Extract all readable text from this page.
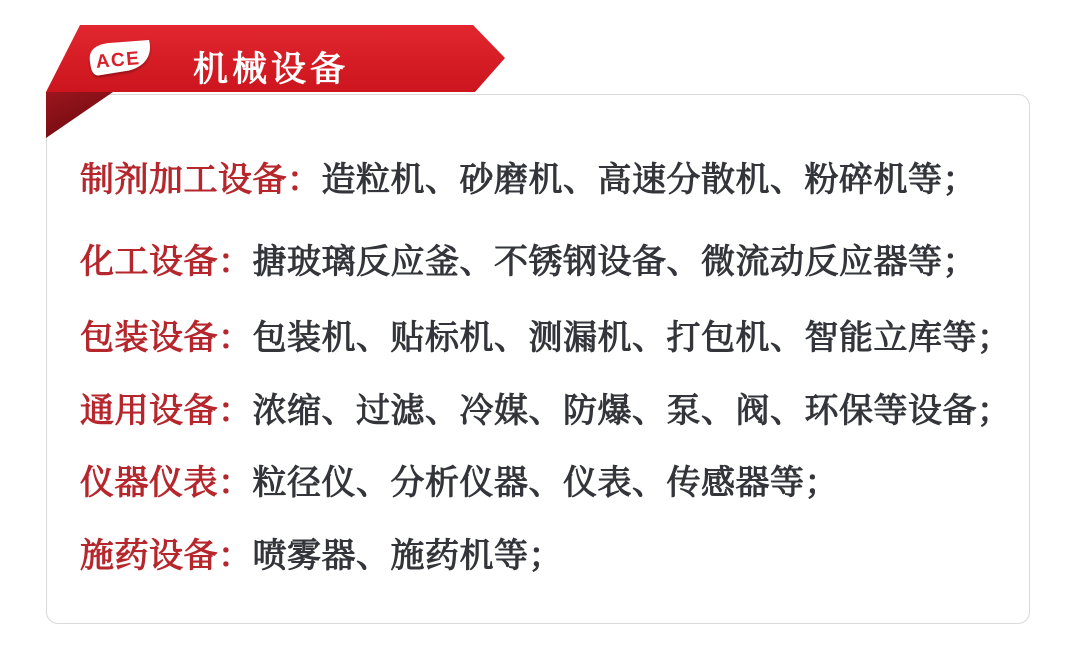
制剂加工设备：造粒机、砂磨机、高速分散机、粉碎机等；
化工设备：搪玻璃反应釜、不锈钢设备、微流动反应器等；
包装设备：包装机、贴标机、测漏机、打包机、智能立库等；
通用设备：浓缩、过滤、冷媒、防爆、泵、阀、环保等设备；
仪器仪表：粒径仪、分析仪器、仪表、传感器等；
施药设备：喷雾器、施药机等；
ACE 机械设备
